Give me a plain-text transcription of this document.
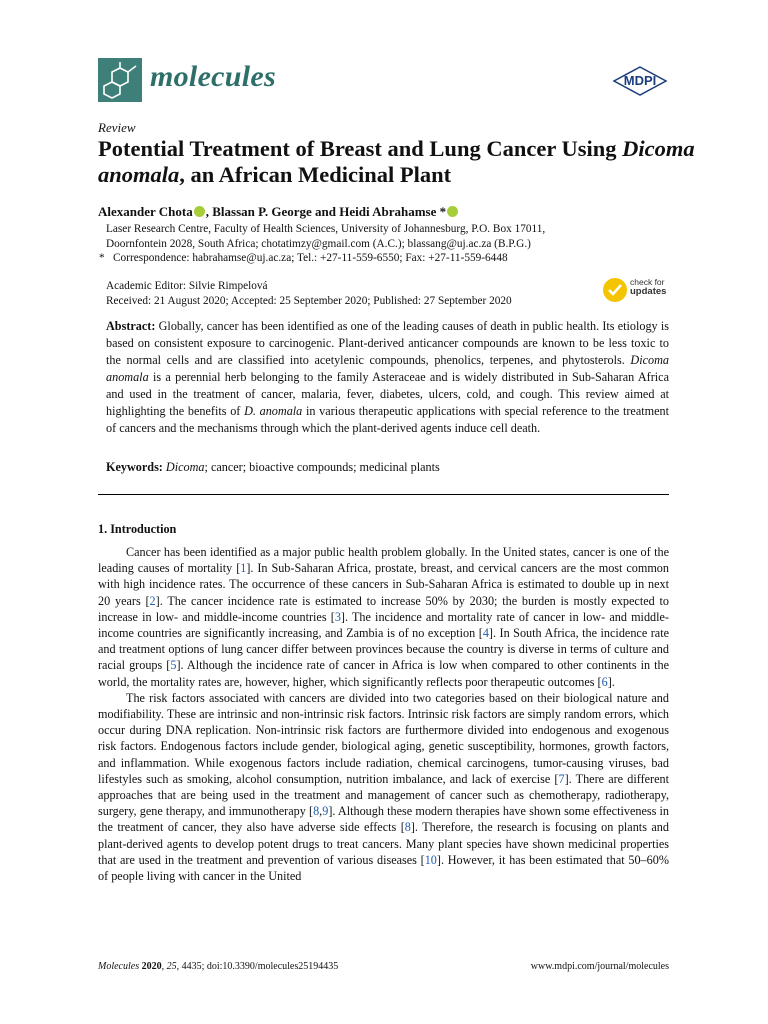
molecules	MDPI
Review
Potential Treatment of Breast and Lung Cancer Using Dicoma anomala, an African Medicinal Plant
Alexander Chota , Blassan P. George and Heidi Abrahamse *
Laser Research Centre, Faculty of Health Sciences, University of Johannesburg, P.O. Box 17011,
Doornfontein 2028, South Africa; chotatimzy@gmail.com (A.C.); blassang@uj.ac.za (B.P.G.)
* Correspondence: habrahamse@uj.ac.za; Tel.: +27-11-559-6550; Fax: +27-11-559-6448
Academic Editor: Silvie Rimpelová
Received: 21 August 2020; Accepted: 25 September 2020; Published: 27 September 2020
check for
updates
Abstract: Globally, cancer has been identified as one of the leading causes of death in public health. Its etiology is based on consistent exposure to carcinogenic. Plant-derived anticancer compounds are known to be less toxic to the normal cells and are classified into acetylenic compounds, phenolics, terpenes, and phytosterols. Dicoma anomala is a perennial herb belonging to the family Asteraceae and is widely distributed in Sub-Saharan Africa and used in the treatment of cancer, malaria, fever, diabetes, ulcers, cold, and cough. This review aimed at highlighting the benefits of D. anomala in various therapeutic applications with special reference to the treatment of cancers and the mechanisms through which the plant-derived agents induce cell death.
Keywords: Dicoma; cancer; bioactive compounds; medicinal plants
1. Introduction

Cancer has been identified as a major public health problem globally. In the United states, cancer is one of the leading causes of mortality [1]. In Sub-Saharan Africa, prostate, breast, and cervical cancers are the most common with high incidence rates. The occurrence of these cancers in Sub-Saharan Africa is estimated to double up in next 20 years [2]. The cancer incidence rate is estimated to increase 50% by 2030; the burden is mostly expected to increase in low- and middle-income countries [3]. The incidence and mortality rate of cancer in low- and middle-income countries are significantly increasing, and Zambia is of no exception [4]. In South Africa, the incidence rate and treatment options of lung cancer differ between provinces because the country is diverse in terms of culture and racial groups [5]. Although the incidence rate of cancer in Africa is low when compared to other continents in the world, the mortality rates are, however, higher, which significantly reflects poor therapeutic outcomes [6].

The risk factors associated with cancers are divided into two categories based on their biological nature and modifiability. These are intrinsic and non-intrinsic risk factors. Intrinsic risk factors are simply random errors, which occur during DNA replication. Non-intrinsic risk factors are furthermore divided into endogenous and exogenous risk factors. Endogenous factors include gender, biological aging, genetic susceptibility, hormones, growth factors, and inflammation. While exogenous factors include radiation, chemical carcinogens, tumor-causing viruses, bad lifestyles such as smoking, alcohol consumption, nutrition imbalance, and lack of exercise [7]. There are different approaches that are being used in the treatment and management of cancer such as chemotherapy, radiotherapy, surgery, gene therapy, and immunotherapy [8,9]. Although these modern therapies have shown some effectiveness in the treatment of cancer, they also have adverse side effects [8]. Therefore, the research is focusing on plants and plant-derived agents to develop potent drugs to treat cancers. Many plant species have shown medicinal properties that are used in the treatment and prevention of various diseases [10]. However, it has been estimated that 50–60% of people living with cancer in the United

Molecules 2020, 25, 4435; doi:10.3390/molecules25194435	www.mdpi.com/journal/molecules
